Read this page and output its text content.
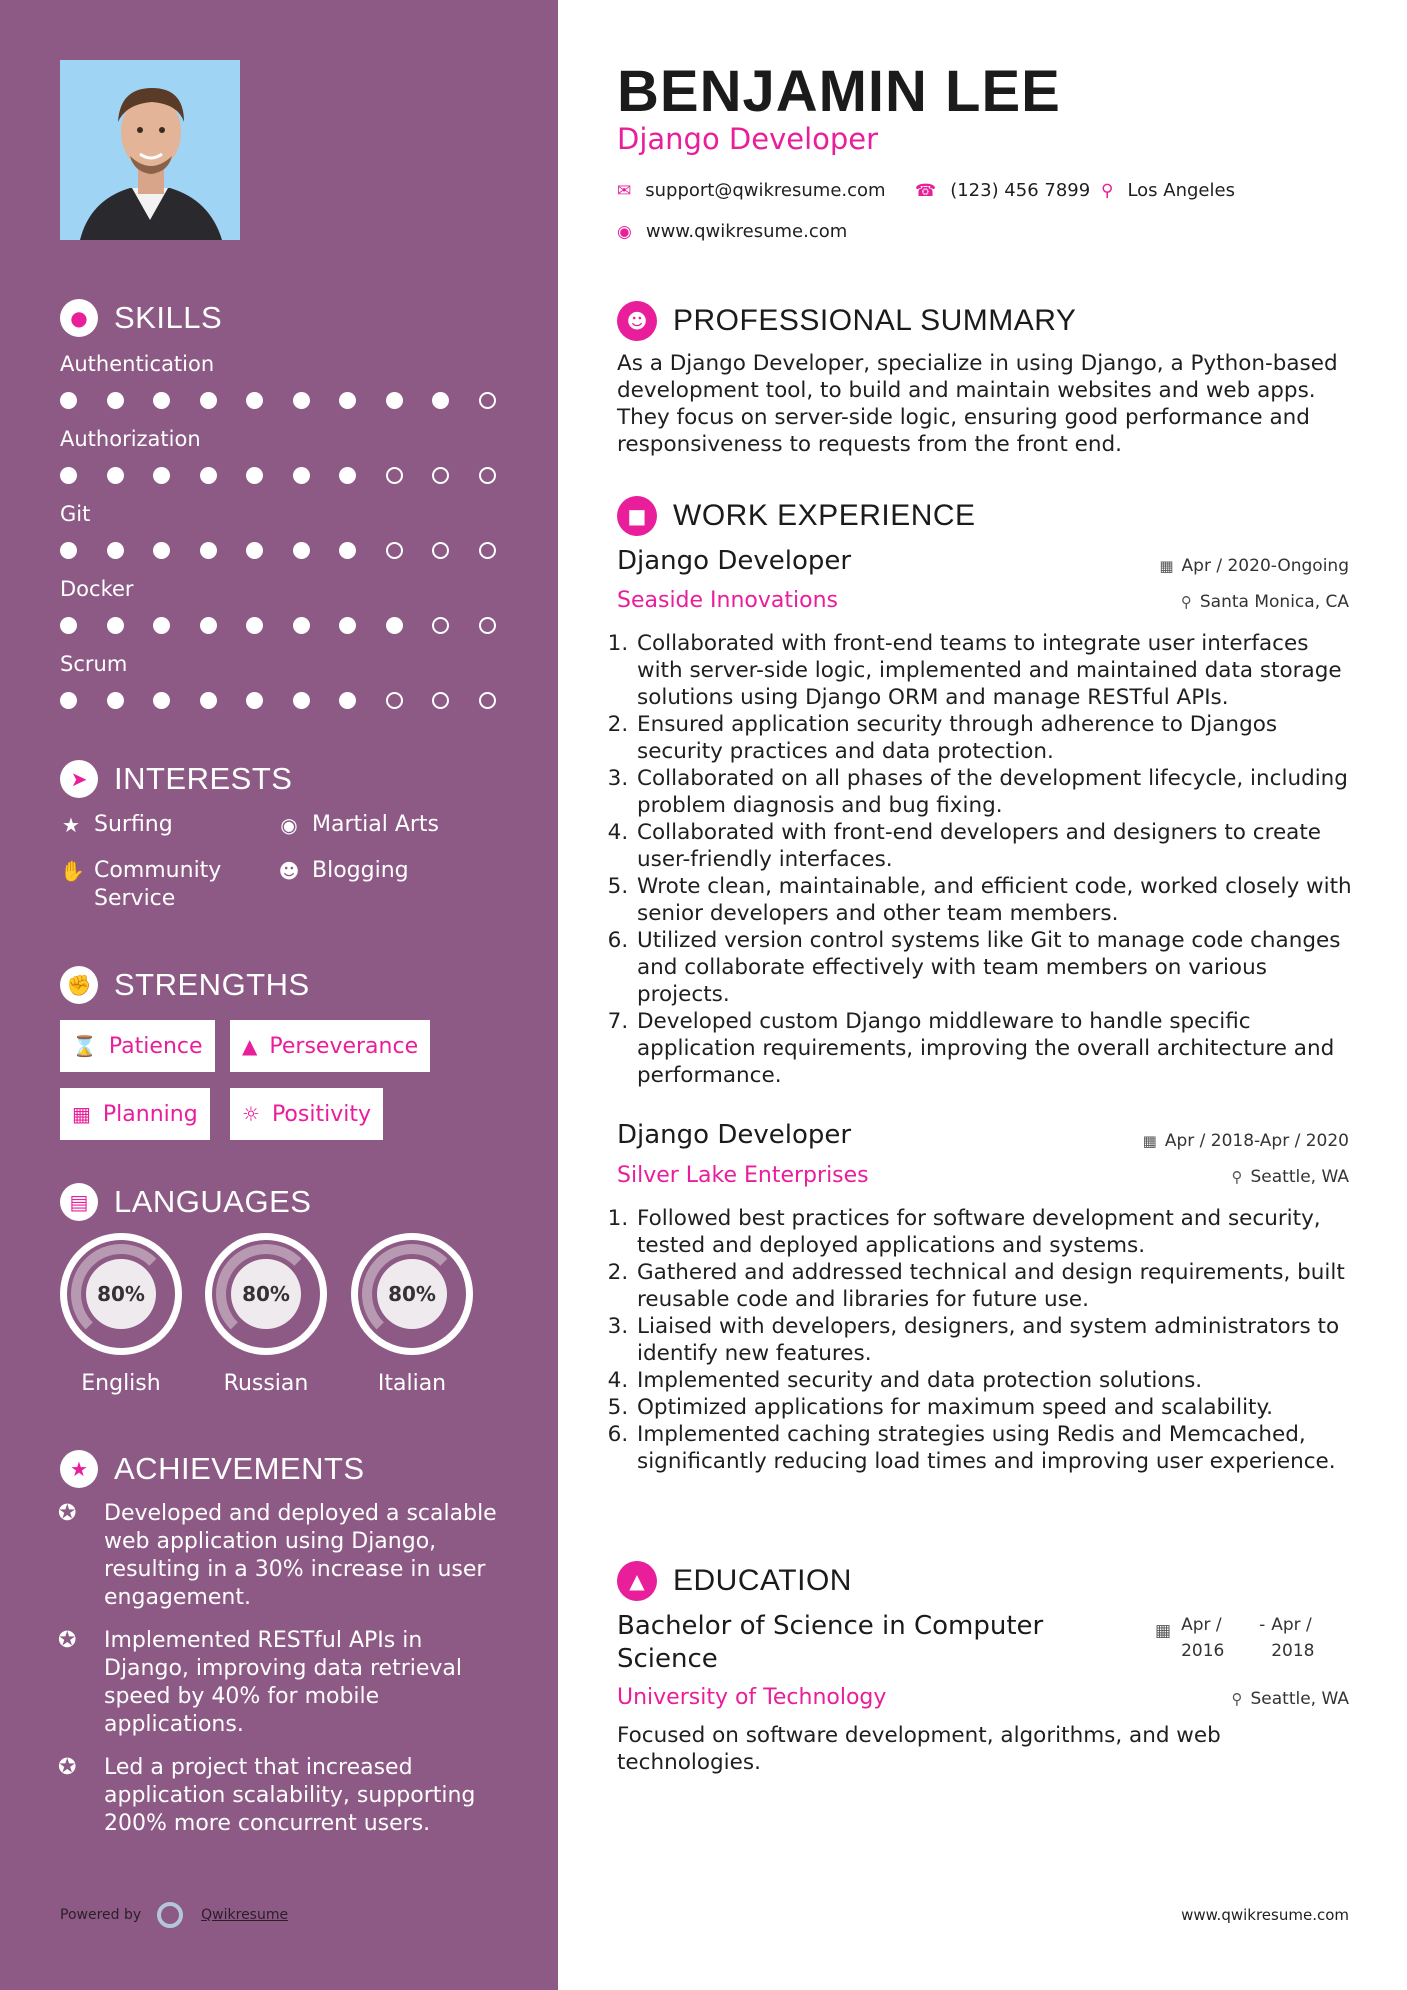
● SKILLS
Authentication
Authorization
Git
Docker
Scrum
➤ INTERESTS
★ Surfing	◉ Martial Arts
✋ Community Service
☻ Blogging
✊ STRENGTHS
⌛ Patience ▲ Perseverance
▦ Planning ☼ Positivity
▤ LANGUAGES
80%
English
80%
Russian
80%
Italian
★ ACHIEVEMENTS
✪	Developed and deployed a scalable web application using Django, resulting in a 30% increase in user engagement.
✪	Implemented RESTful APIs in Django, improving data retrieval speed by 40% for mobile applications.
✪	Led a project that increased application scalability, supporting 200% more concurrent users.
Powered by	Qwikresume
BENJAMIN LEE
Django Developer
✉ support@qwikresume.com ☎ (123) 456 7899 ⚲ Los Angeles
◉ www.qwikresume.com
☻ PROFESSIONAL SUMMARY
As a Django Developer, specialize in using Django, a Python-based development tool, to build and maintain websites and web apps. They focus on server-side logic, ensuring good performance and responsiveness to requests from the front end.
■ WORK EXPERIENCE
Django Developer	▦ Apr / 2020-Ongoing
Seaside Innovations	⚲ Santa Monica, CA
1. Collaborated with front-end teams to integrate user interfaces with server-side logic, implemented and maintained data storage solutions using Django ORM and manage RESTful APIs.
2. Ensured application security through adherence to Djangos security practices and data protection.
3. Collaborated on all phases of the development lifecycle, including problem diagnosis and bug fixing.
4. Collaborated with front-end developers and designers to create user-friendly interfaces.
5. Wrote clean, maintainable, and efficient code, worked closely with senior developers and other team members.
6. Utilized version control systems like Git to manage code changes and collaborate effectively with team members on various projects.
7. Developed custom Django middleware to handle specific application requirements, improving the overall architecture and performance.
Django Developer	▦ Apr / 2018-Apr / 2020
Silver Lake Enterprises	⚲ Seattle, WA
1. Followed best practices for software development and security, tested and deployed applications and systems.
2. Gathered and addressed technical and design requirements, built reusable code and libraries for future use.
3. Liaised with developers, designers, and system administrators to identify new features.
4. Implemented security and data protection solutions.
5. Optimized applications for maximum speed and scalability.
6. Implemented caching strategies using Redis and Memcached, significantly reducing load times and improving user experience.
▲ EDUCATION
Bachelor of Science in Computer Science
▦ Apr / 2016
- Apr / 2018
University of Technology	⚲ Seattle, WA
Focused on software development, algorithms, and web technologies.
www.qwikresume.com
